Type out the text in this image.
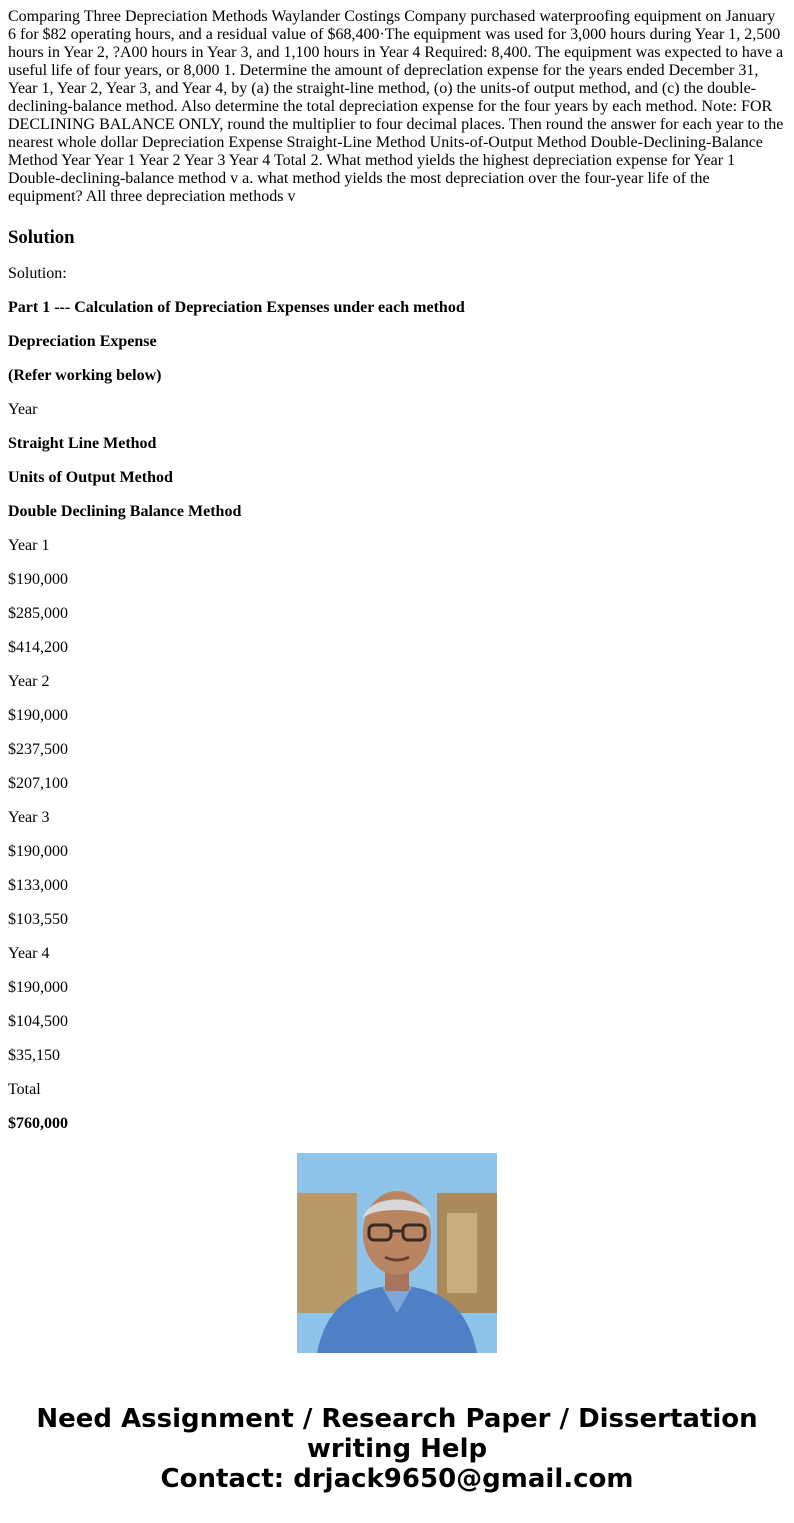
Comparing Three Depreciation Methods Waylander Costings Company purchased waterproofing equipment on January 6 for $82 operating hours, and a residual value of $68,400·The equipment was used for 3,000 hours during Year 1, 2,500 hours in Year 2, ?A00 hours in Year 3, and 1,100 hours in Year 4 Required: 8,400. The equipment was expected to have a useful life of four years, or 8,000 1. Determine the amount of depreclation expense for the years ended December 31, Year 1, Year 2, Year 3, and Year 4, by (a) the straight-line method, (o) the units-of output method, and (c) the double-declining-balance method. Also determine the total depreciation expense for the four years by each method. Note: FOR DECLINING BALANCE ONLY, round the multiplier to four decimal places. Then round the answer for each year to the nearest whole dollar Depreciation Expense Straight-Line Method Units-of-Output Method Double-Declining-Balance Method Year Year 1 Year 2 Year 3 Year 4 Total 2. What method yields the highest depreciation expense for Year 1 Double-declining-balance method v a. what method yields the most depreciation over the four-year life of the equipment? All three depreciation methods v

Solution

Solution:

Part 1 --- Calculation of Depreciation Expenses under each method

Depreciation Expense

(Refer working below)

Year

Straight Line Method

Units of Output Method

Double Declining Balance Method

Year 1

$190,000

$285,000

$414,200

Year 2

$190,000

$237,500

$207,100

Year 3

$190,000

$133,000

$103,550

Year 4

$190,000

$104,500

$35,150

Total

$760,000

Need Assignment / Research Paper / Dissertation
writing Help
Contact: drjack9650@gmail.com
